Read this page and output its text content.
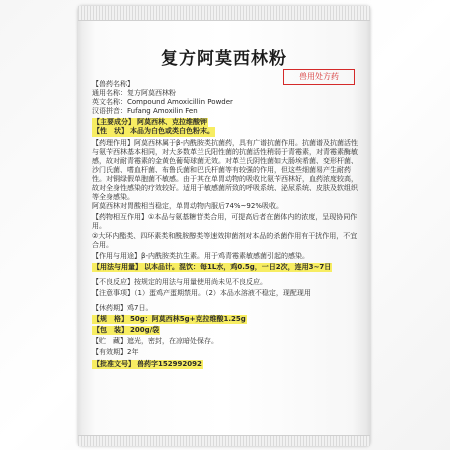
复方阿莫西林粉
兽用处方药
【兽药名称】
通用名称：复方阿莫西林粉
英文名称：Compound Amoxicillin Powder
汉语拼音：Fufang Amoxilin Fen
【主要成分】 阿莫西林、克拉维酸钾
【性　状】 本品为白色或类白色粉末。
【药理作用】阿莫西林属于β-内酰胺类抗菌药，具有广谱抗菌作用。抗菌谱及抗菌活性与氨苄西林基本相同，对大多数革兰氏阳性菌的抗菌活性稍弱于青霉素，对青霉素酶敏感，故对耐青霉素的金黄色葡萄球菌无效。对革兰氏阴性菌如大肠埃希菌、变形杆菌、沙门氏菌、嗜血杆菌、布鲁氏菌和巴氏杆菌等有较强的作用，但这些细菌易产生耐药性。对铜绿假单胞菌不敏感。由于其在单胃动物的吸收比氨苄西林好，血药浓度较高，故对全身性感染的疗效较好。适用于敏感菌所致的呼吸系统、泌尿系统、皮肤及软组织等全身感染。
阿莫西林对胃酸相当稳定，单胃动物内服后74%~92%吸收。
【药物相互作用】①本品与氨基糖苷类合用，可提高后者在菌体内的浓度，呈现协同作用。
②大环内酯类、四环素类和酰胺醇类等速效抑菌剂对本品的杀菌作用有干扰作用，不宜合用。
【作用与用途】β-内酰胺类抗生素。用于鸡青霉素敏感菌引起的感染。
【用法与用量】 以本品计。混饮：每1L水，鸡0.5g，一日2次，连用3~7日
【不良反应】按规定的用法与用量使用尚未见不良反应。
【注意事项】（1）蛋鸡产蛋期禁用。（2）本品水溶液不稳定，现配现用
【休药期】鸡7日。
【规　格】 50g：阿莫西林5g+克拉维酸1.25g
【包　装】 200g/袋
【贮　藏】遮光，密封，在凉暗处保存。
【有效期】2年
【批准文号】 兽药字152992092
